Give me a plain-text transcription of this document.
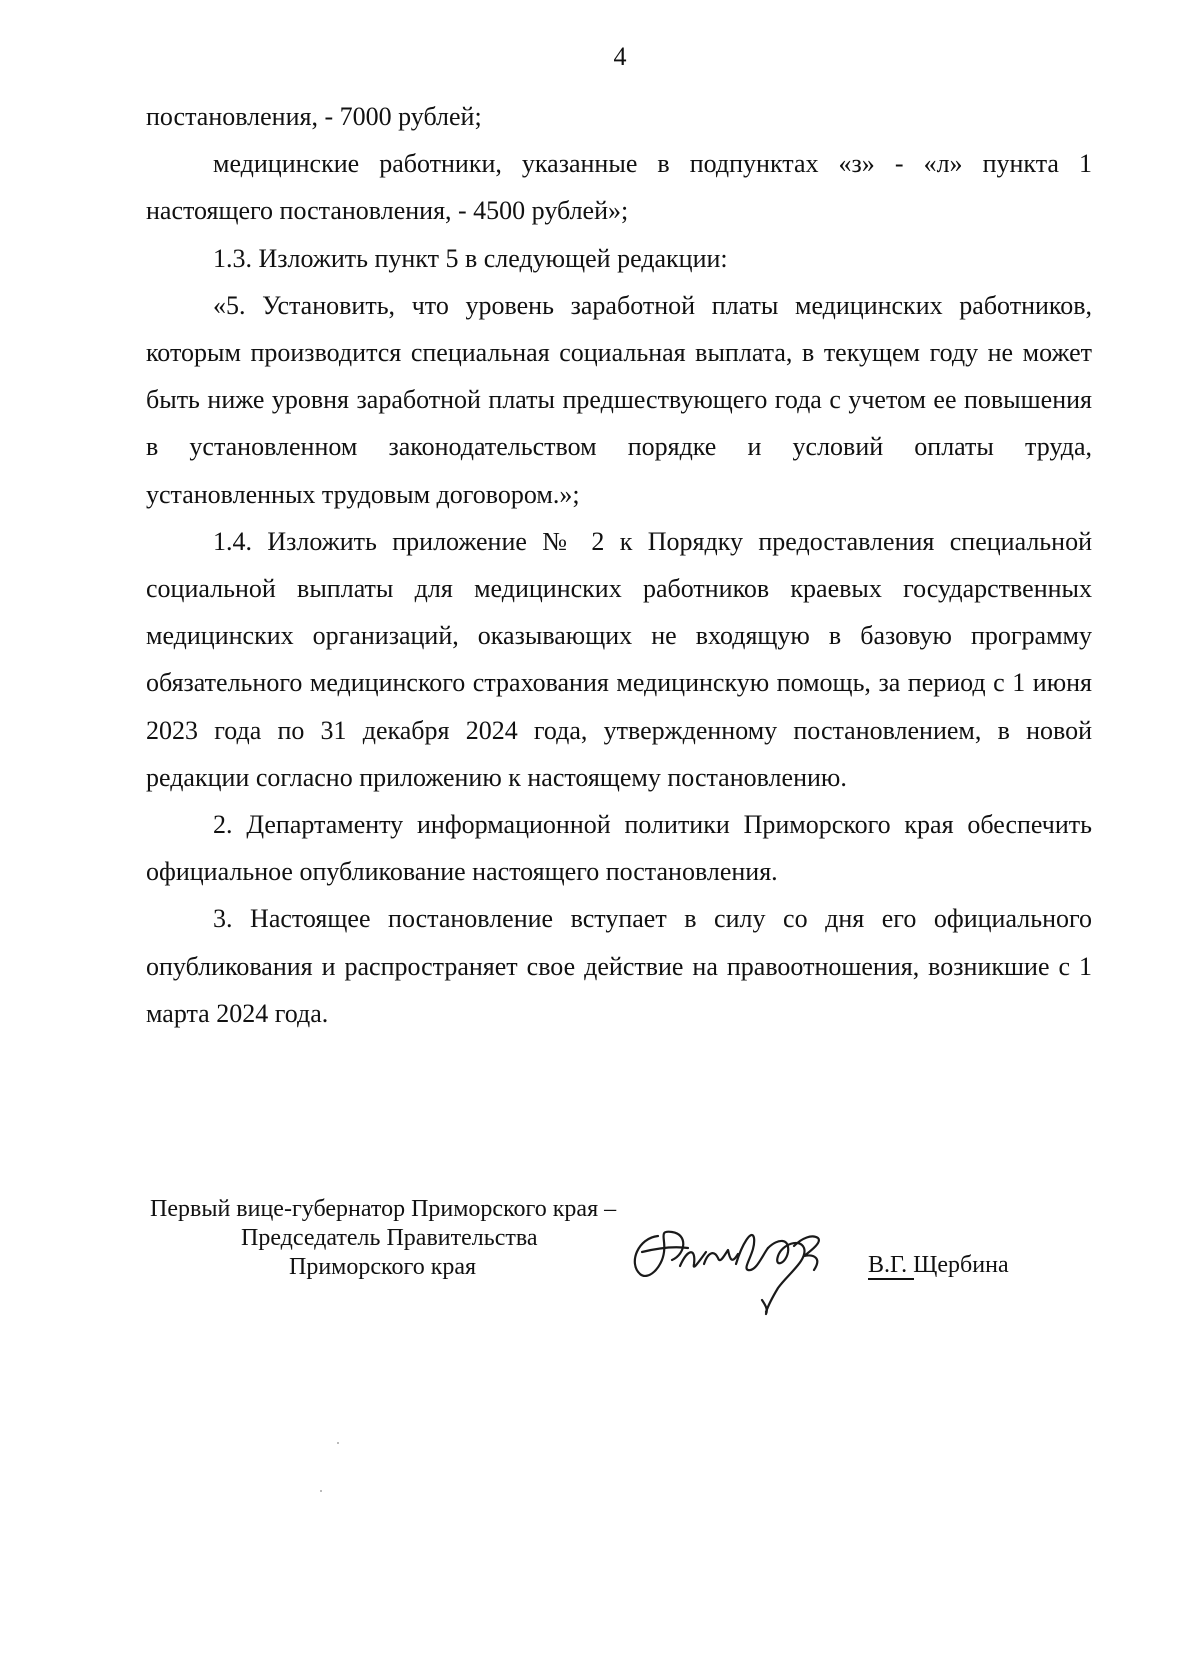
4

постановления, - 7000 рублей;

медицинские работники, указанные в подпунктах «з» - «л» пункта 1 настоящего постановления, - 4500 рублей»;

1.3. Изложить пункт 5 в следующей редакции:

«5. Установить, что уровень заработной платы медицинских работников, которым производится специальная социальная выплата, в текущем году не может быть ниже уровня заработной платы предшествующего года с учетом ее повышения в установленном законодательством порядке и условий оплаты труда, установленных трудовым договором.»;

1.4. Изложить приложение № 2 к Порядку предоставления специальной социальной выплаты для медицинских работников краевых государственных медицинских организаций, оказывающих не входящую в базовую программу обязательного медицинского страхования медицинскую помощь, за период с 1 июня 2023 года по 31 декабря 2024 года, утвержденному постановлением, в новой редакции согласно приложению к настоящему постановлению.

2. Департаменту информационной политики Приморского края обеспечить официальное опубликование настоящего постановления.

3. Настоящее постановление вступает в силу со дня его официального опубликования и распространяет свое действие на правоотношения, возникшие с 1 марта 2024 года.

Первый вице-губернатор Приморского края –
Председатель Правительства
Приморского края	В.Г. Щербина
